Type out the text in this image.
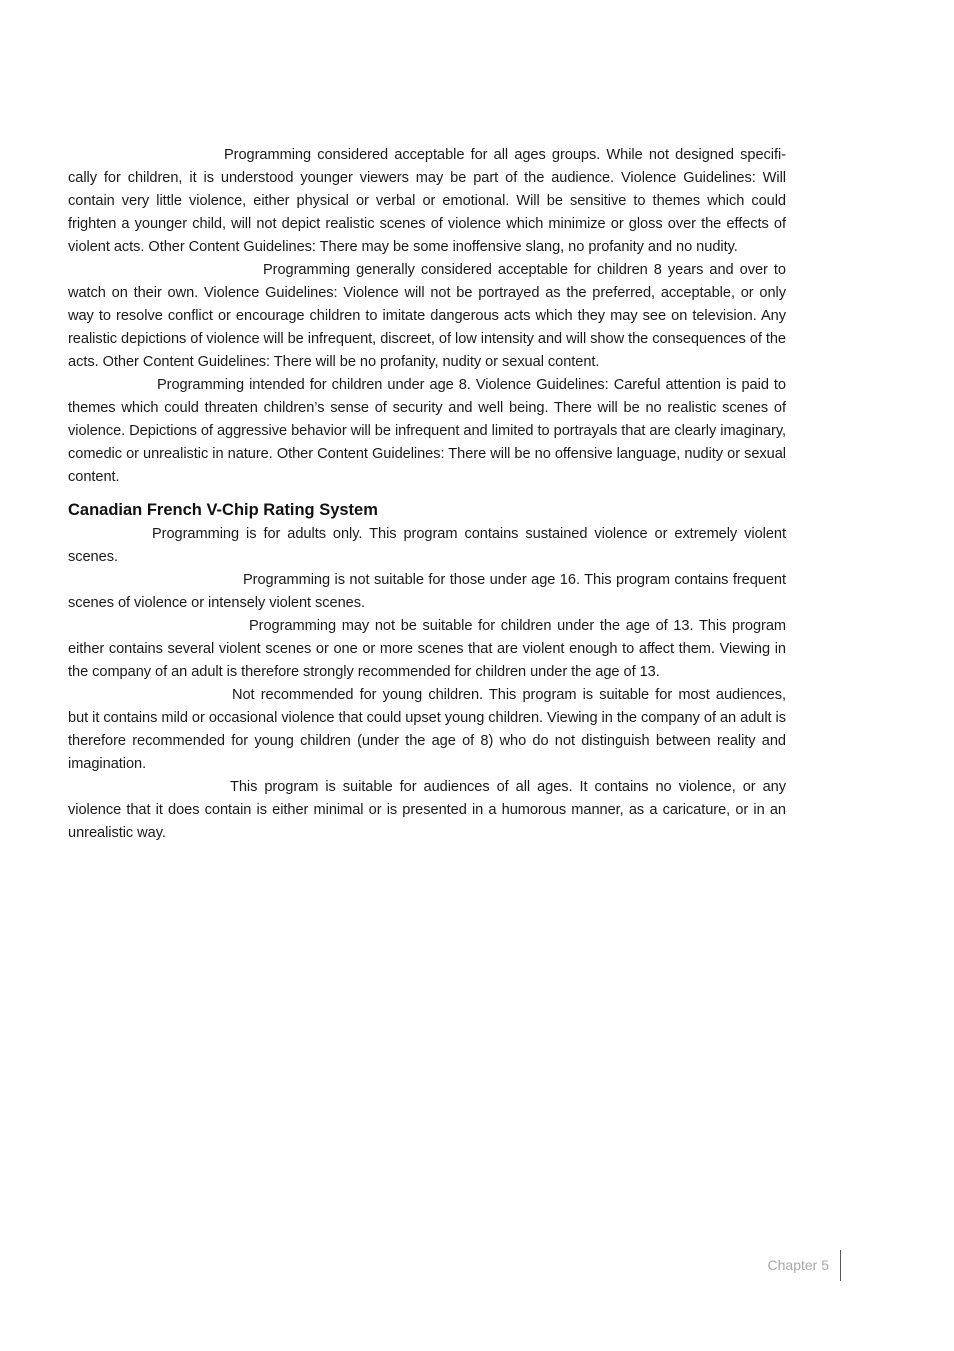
Programming considered acceptable for all ages groups. While not designed specifi-cally for children, it is understood younger viewers may be part of the audience. Violence Guidelines: Will contain very little violence, either physical or verbal or emotional. Will be sensitive to themes which could frighten a younger child, will not depict realistic scenes of violence which minimize or gloss over the effects of violent acts. Other Content Guidelines: There may be some inoffensive slang, no profanity and no nudity.

Programming generally considered acceptable for children 8 years and over to watch on their own. Violence Guidelines: Violence will not be portrayed as the preferred, acceptable, or only way to resolve conflict or encourage children to imitate dangerous acts which they may see on television. Any realistic depictions of violence will be infrequent, discreet, of low intensity and will show the consequences of the acts. Other Content Guidelines: There will be no profanity, nudity or sexual content.

Programming intended for children under age 8. Violence Guidelines: Careful attention is paid to themes which could threaten children’s sense of security and well being. There will be no realistic scenes of violence. Depictions of aggressive behavior will be infrequent and limited to portrayals that are clearly imaginary, comedic or unrealistic in nature. Other Content Guidelines: There will be no offensive language, nudity or sexual content.

Canadian French V-Chip Rating System

Programming is for adults only. This program contains sustained violence or extremely violent scenes.

Programming is not suitable for those under age 16. This program contains frequent scenes of violence or intensely violent scenes.

Programming may not be suitable for children under the age of 13. This program either contains several violent scenes or one or more scenes that are violent enough to affect them. Viewing in the company of an adult is therefore strongly recommended for children under the age of 13.

Not recommended for young children. This program is suitable for most audiences, but it contains mild or occasional violence that could upset young children. Viewing in the company of an adult is therefore recommended for young children (under the age of 8) who do not distinguish between reality and imagination.

This program is suitable for audiences of all ages. It contains no violence, or any violence that it does contain is either minimal or is presented in a humorous manner, as a caricature, or in an unrealistic way.

Chapter 5
